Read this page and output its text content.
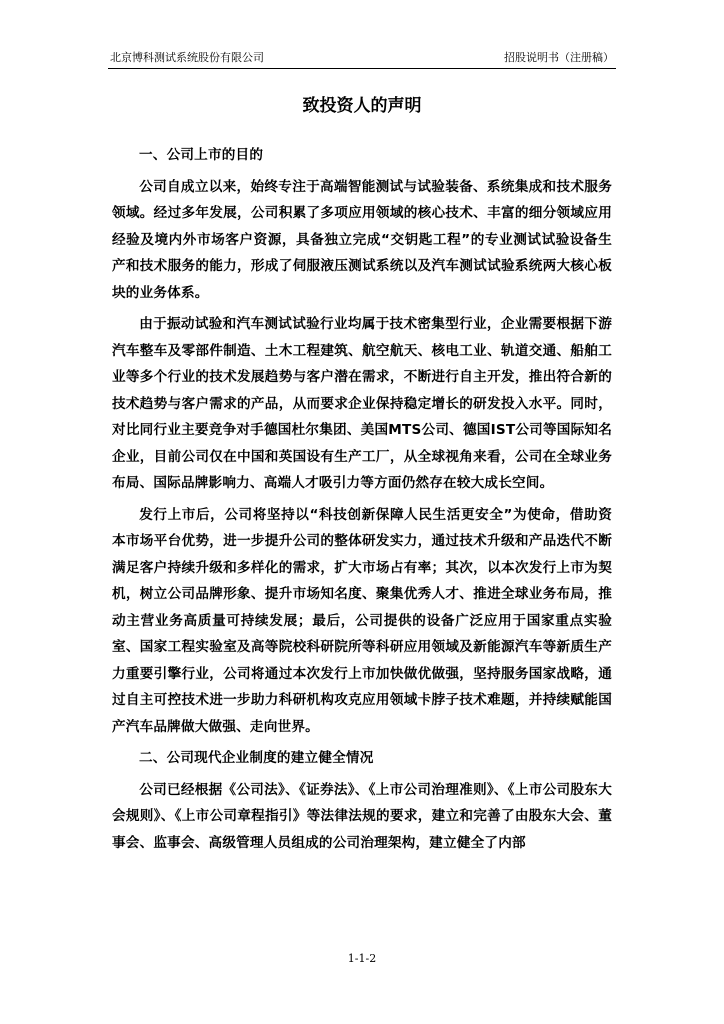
北京博科测试系统股份有限公司	招股说明书（注册稿）
致投资人的声明
一、公司上市的目的

公司自成立以来，始终专注于高端智能测试与试验装备、系统集成和技术服务领域。经过多年发展，公司积累了多项应用领域的核心技术、丰富的细分领域应用经验及境内外市场客户资源，具备独立完成“交钥匙工程”的专业测试试验设备生产和技术服务的能力，形成了伺服液压测试系统以及汽车测试试验系统两大核心板块的业务体系。

由于振动试验和汽车测试试验行业均属于技术密集型行业，企业需要根据下游汽车整车及零部件制造、土木工程建筑、航空航天、核电工业、轨道交通、船舶工业等多个行业的技术发展趋势与客户潜在需求，不断进行自主开发，推出符合新的技术趋势与客户需求的产品，从而要求企业保持稳定增长的研发投入水平。同时，对比同行业主要竞争对手德国杜尔集团、美国MTS公司、德国IST公司等国际知名企业，目前公司仅在中国和英国设有生产工厂，从全球视角来看，公司在全球业务布局、国际品牌影响力、高端人才吸引力等方面仍然存在较大成长空间。

发行上市后，公司将坚持以“科技创新保障人民生活更安全”为使命，借助资本市场平台优势，进一步提升公司的整体研发实力，通过技术升级和产品迭代不断满足客户持续升级和多样化的需求，扩大市场占有率；其次，以本次发行上市为契机，树立公司品牌形象、提升市场知名度、聚集优秀人才、推进全球业务布局，推动主营业务高质量可持续发展；最后，公司提供的设备广泛应用于国家重点实验室、国家工程实验室及高等院校科研院所等科研应用领域及新能源汽车等新质生产力重要引擎行业，公司将通过本次发行上市加快做优做强，坚持服务国家战略，通过自主可控技术进一步助力科研机构攻克应用领域卡脖子技术难题，并持续赋能国产汽车品牌做大做强、走向世界。

二、公司现代企业制度的建立健全情况

公司已经根据《公司法》、《证券法》、《上市公司治理准则》、《上市公司股东大会规则》、《上市公司章程指引》等法律法规的要求，建立和完善了由股东大会、董事会、监事会、高级管理人员组成的公司治理架构，建立健全了内部

1-1-2
